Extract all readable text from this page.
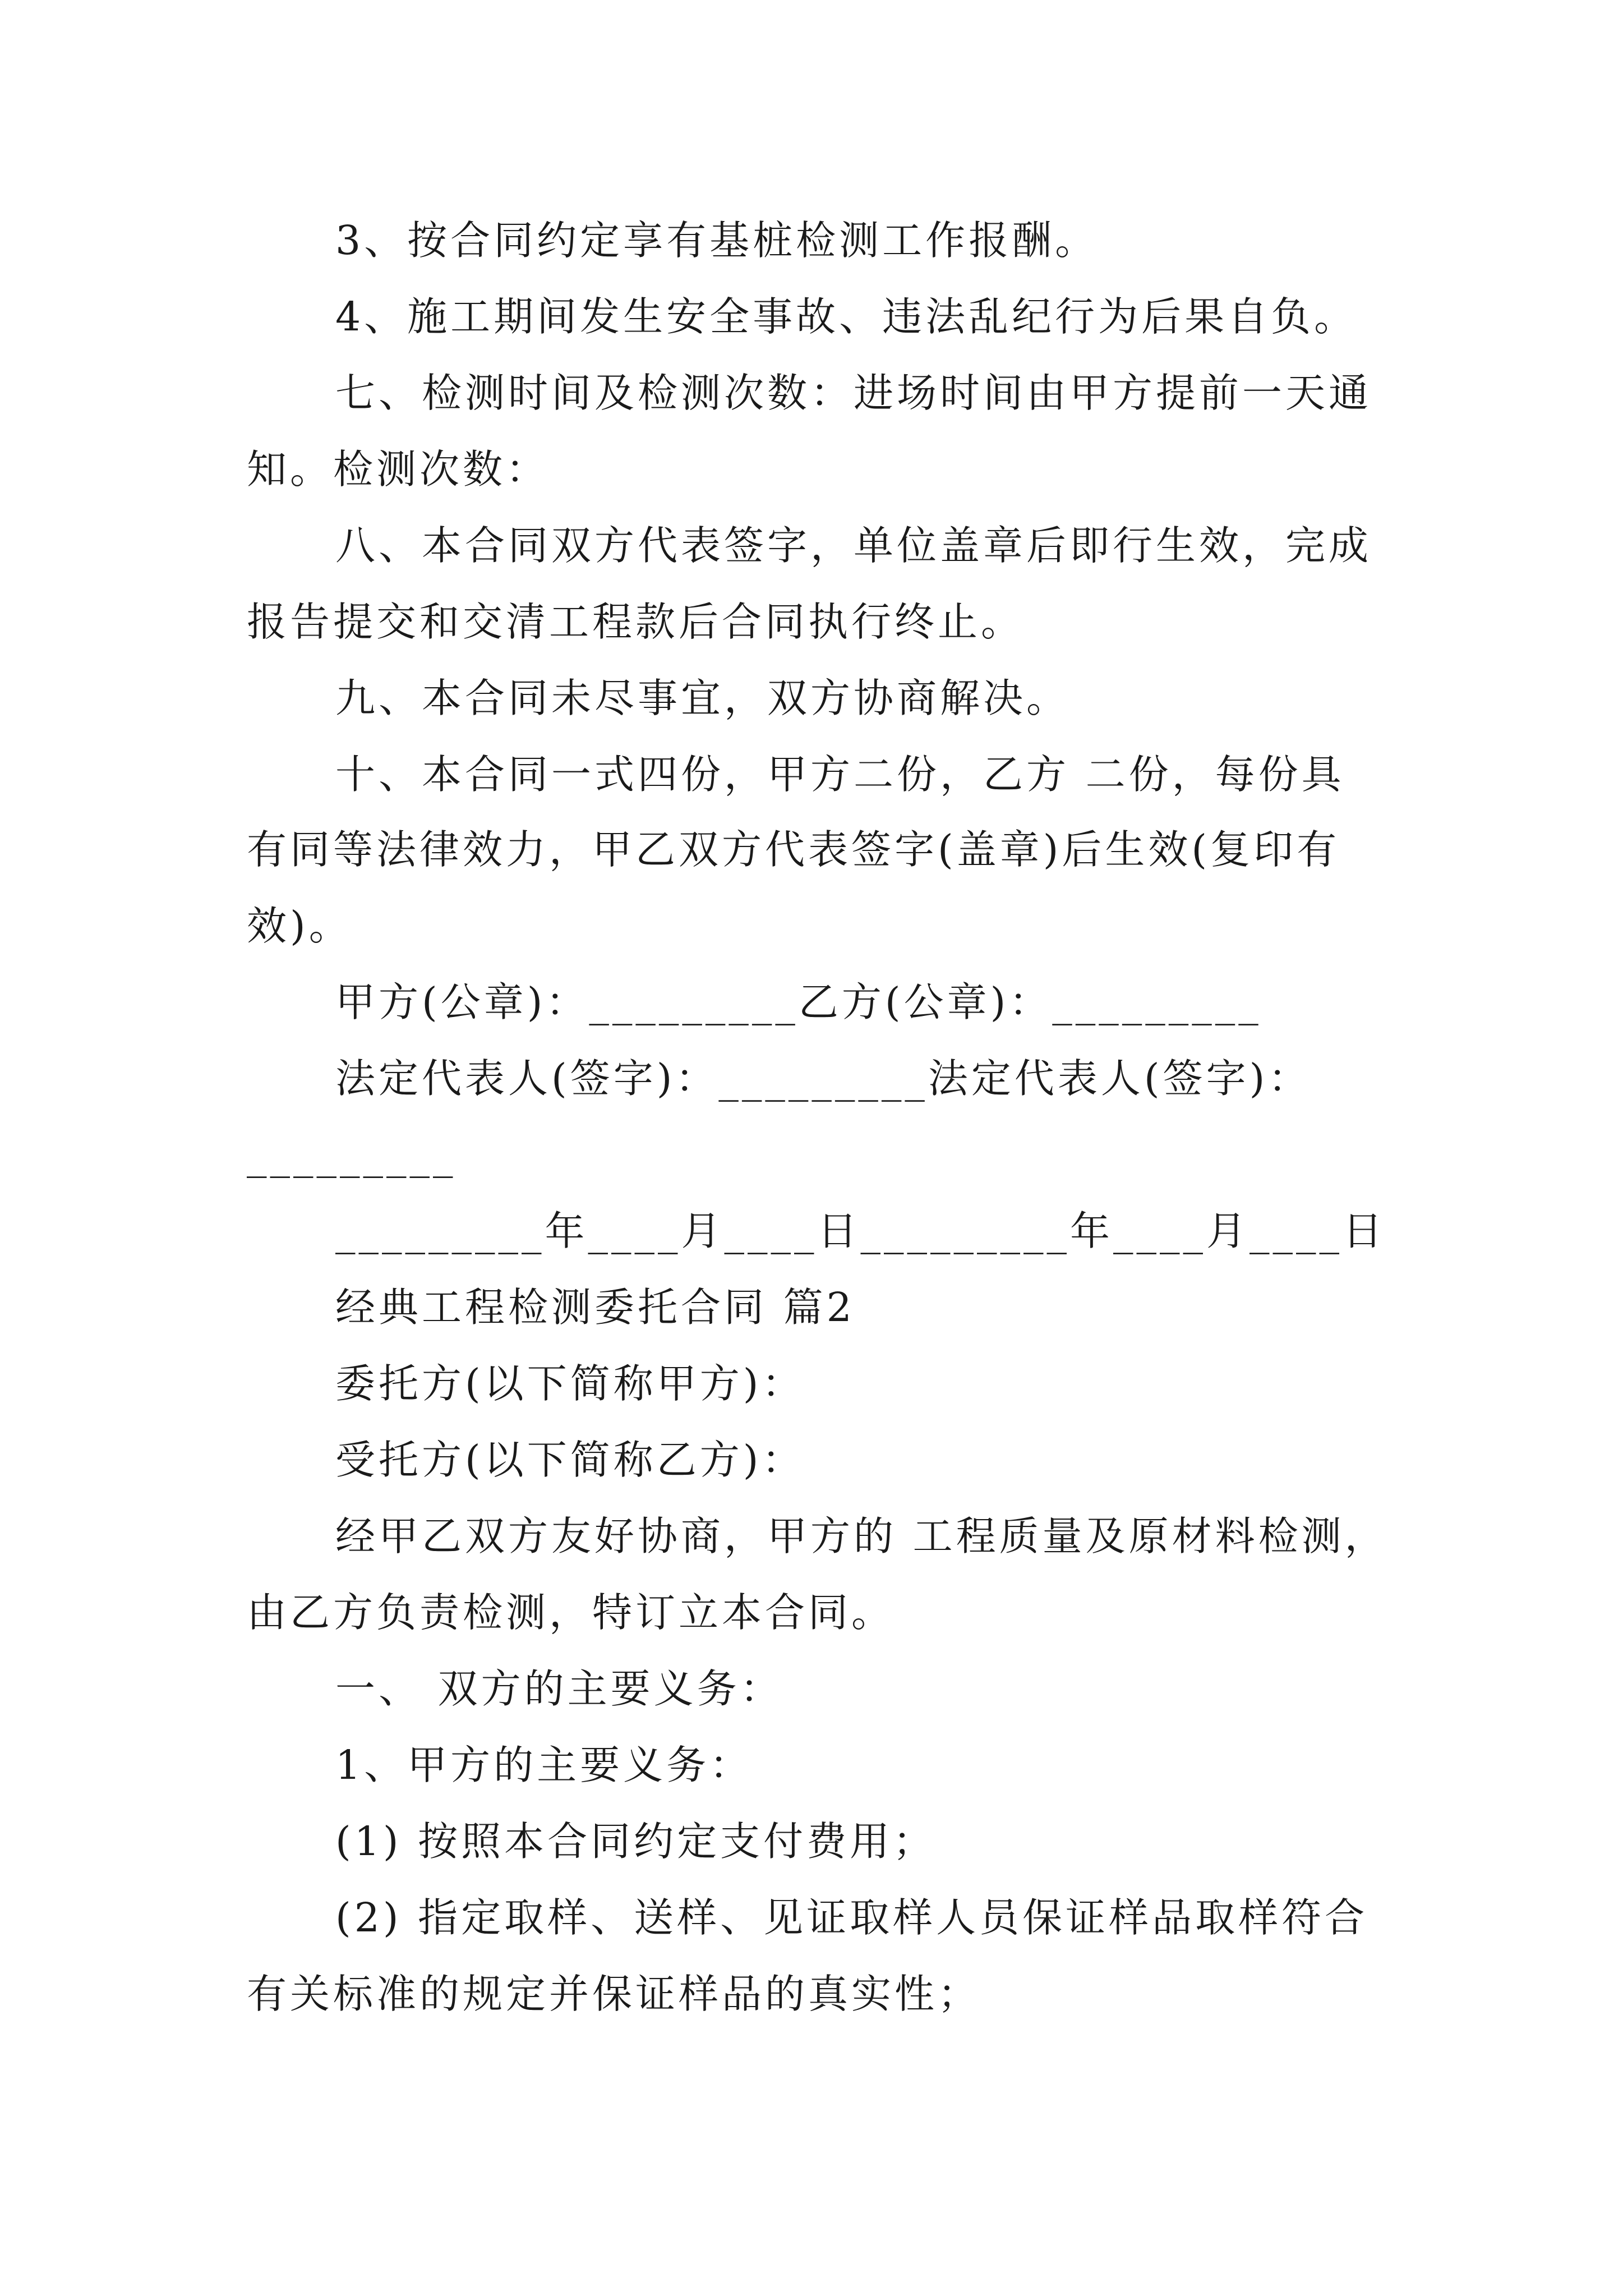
3、按合同约定享有基桩检测工作报酬。
4、施工期间发生安全事故、违法乱纪行为后果自负。
七、检测时间及检测次数：进场时间由甲方提前一天通
知。检测次数：
八、本合同双方代表签字，单位盖章后即行生效，完成
报告提交和交清工程款后合同执行终止。
九、本合同未尽事宜，双方协商解决。
十、本合同一式四份，甲方二份，乙方 二份，每份具
有同等法律效力，甲乙双方代表签字(盖章)后生效(复印有
效)。
甲方(公章)：_________乙方(公章)：_________
法定代表人(签字)：_________法定代表人(签字)：
_________
_________年____月____日_________年____月____日
经典工程检测委托合同 篇2
委托方(以下简称甲方)：
受托方(以下简称乙方)：
经甲乙双方友好协商，甲方的 工程质量及原材料检测，
由乙方负责检测，特订立本合同。
一、 双方的主要义务：
1、甲方的主要义务：
(1) 按照本合同约定支付费用；
(2) 指定取样、送样、见证取样人员保证样品取样符合
有关标准的规定并保证样品的真实性；
